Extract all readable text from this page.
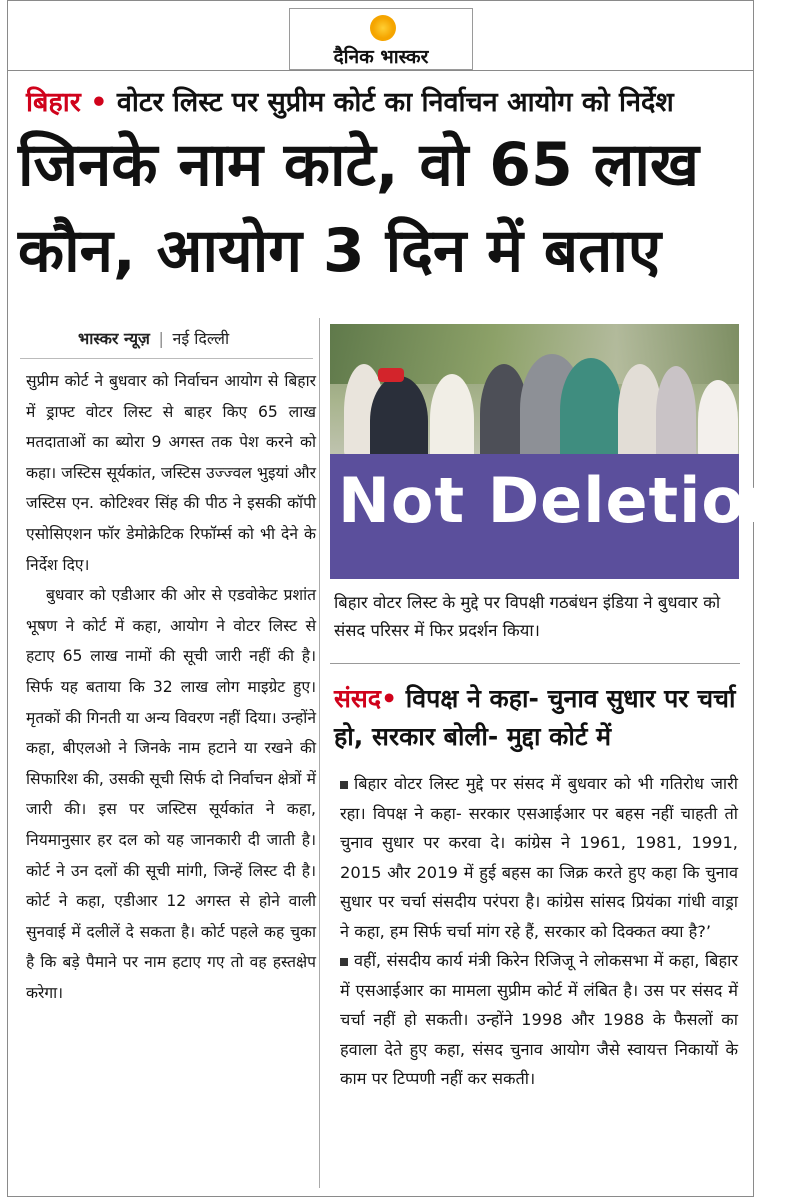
दैनिक भास्कर
बिहार • वोटर लिस्ट पर सुप्रीम कोर्ट का निर्वाचन आयोग को निर्देश
जिनके नाम काटे, वो 65 लाख
कौन, आयोग 3 दिन में बताए
भास्कर न्यूज़ | नई दिल्ली

सुप्रीम कोर्ट ने बुधवार को निर्वाचन आयोग से बिहार में ड्राफ्ट वोटर लिस्ट से बाहर किए 65 लाख मतदाताओं का ब्योरा 9 अगस्त तक पेश करने को कहा। जस्टिस सूर्यकांत, जस्टिस उज्ज्वल भुइयां और जस्टिस एन. कोटिश्वर सिंह की पीठ ने इसकी कॉपी एसोसिएशन फॉर डेमोक्रेटिक रिफॉर्म्स को भी देने के निर्देश दिए।

बुधवार को एडीआर की ओर से एडवोकेट प्रशांत भूषण ने कोर्ट में कहा, आयोग ने वोटर लिस्ट से हटाए 65 लाख नामों की सूची जारी नहीं की है। सिर्फ यह बताया कि 32 लाख लोग माइग्रेट हुए। मृतकों की गिनती या अन्य विवरण नहीं दिया। उन्होंने कहा, बीएलओ ने जिनके नाम हटाने या रखने की सिफारिश की, उसकी सूची सिर्फ दो निर्वाचन क्षेत्रों में जारी की। इस पर जस्टिस सूर्यकांत ने कहा, नियमानुसार हर दल को यह जानकारी दी जाती है। कोर्ट ने उन दलों की सूची मांगी, जिन्हें लिस्ट दी है। कोर्ट ने कहा, एडीआर 12 अगस्त से होने वाली सुनवाई में दलीलें दे सकता है। कोर्ट पहले कह चुका है कि बड़े पैमाने पर नाम हटाए गए तो वह हस्तक्षेप करेगा।

Not Deletion
बिहार वोटर लिस्ट के मुद्दे पर विपक्षी गठबंधन इंडिया ने बुधवार को संसद परिसर में फिर प्रदर्शन किया।
संसद• विपक्ष ने कहा- चुनाव सुधार पर चर्चा हो, सरकार बोली- मुद्दा कोर्ट में

बिहार वोटर लिस्ट मुद्दे पर संसद में बुधवार को भी गतिरोध जारी रहा। विपक्ष ने कहा- सरकार एसआईआर पर बहस नहीं चाहती तो चुनाव सुधार पर करवा दे। कांग्रेस ने 1961, 1981, 1991, 2015 और 2019 में हुई बहस का जिक्र करते हुए कहा कि चुनाव सुधार पर चर्चा संसदीय परंपरा है। कांग्रेस सांसद प्रियंका गांधी वाड्रा ने कहा, हम सिर्फ चर्चा मांग रहे हैं, सरकार को दिक्कत क्या है?’

वहीं, संसदीय कार्य मंत्री किरेन रिजिजू ने लोकसभा में कहा, बिहार में एसआईआर का मामला सुप्रीम कोर्ट में लंबित है। उस पर संसद में चर्चा नहीं हो सकती। उन्होंने 1998 और 1988 के फैसलों का हवाला देते हुए कहा, संसद चुनाव आयोग जैसे स्वायत्त निकायों के काम पर टिप्पणी नहीं कर सकती।
